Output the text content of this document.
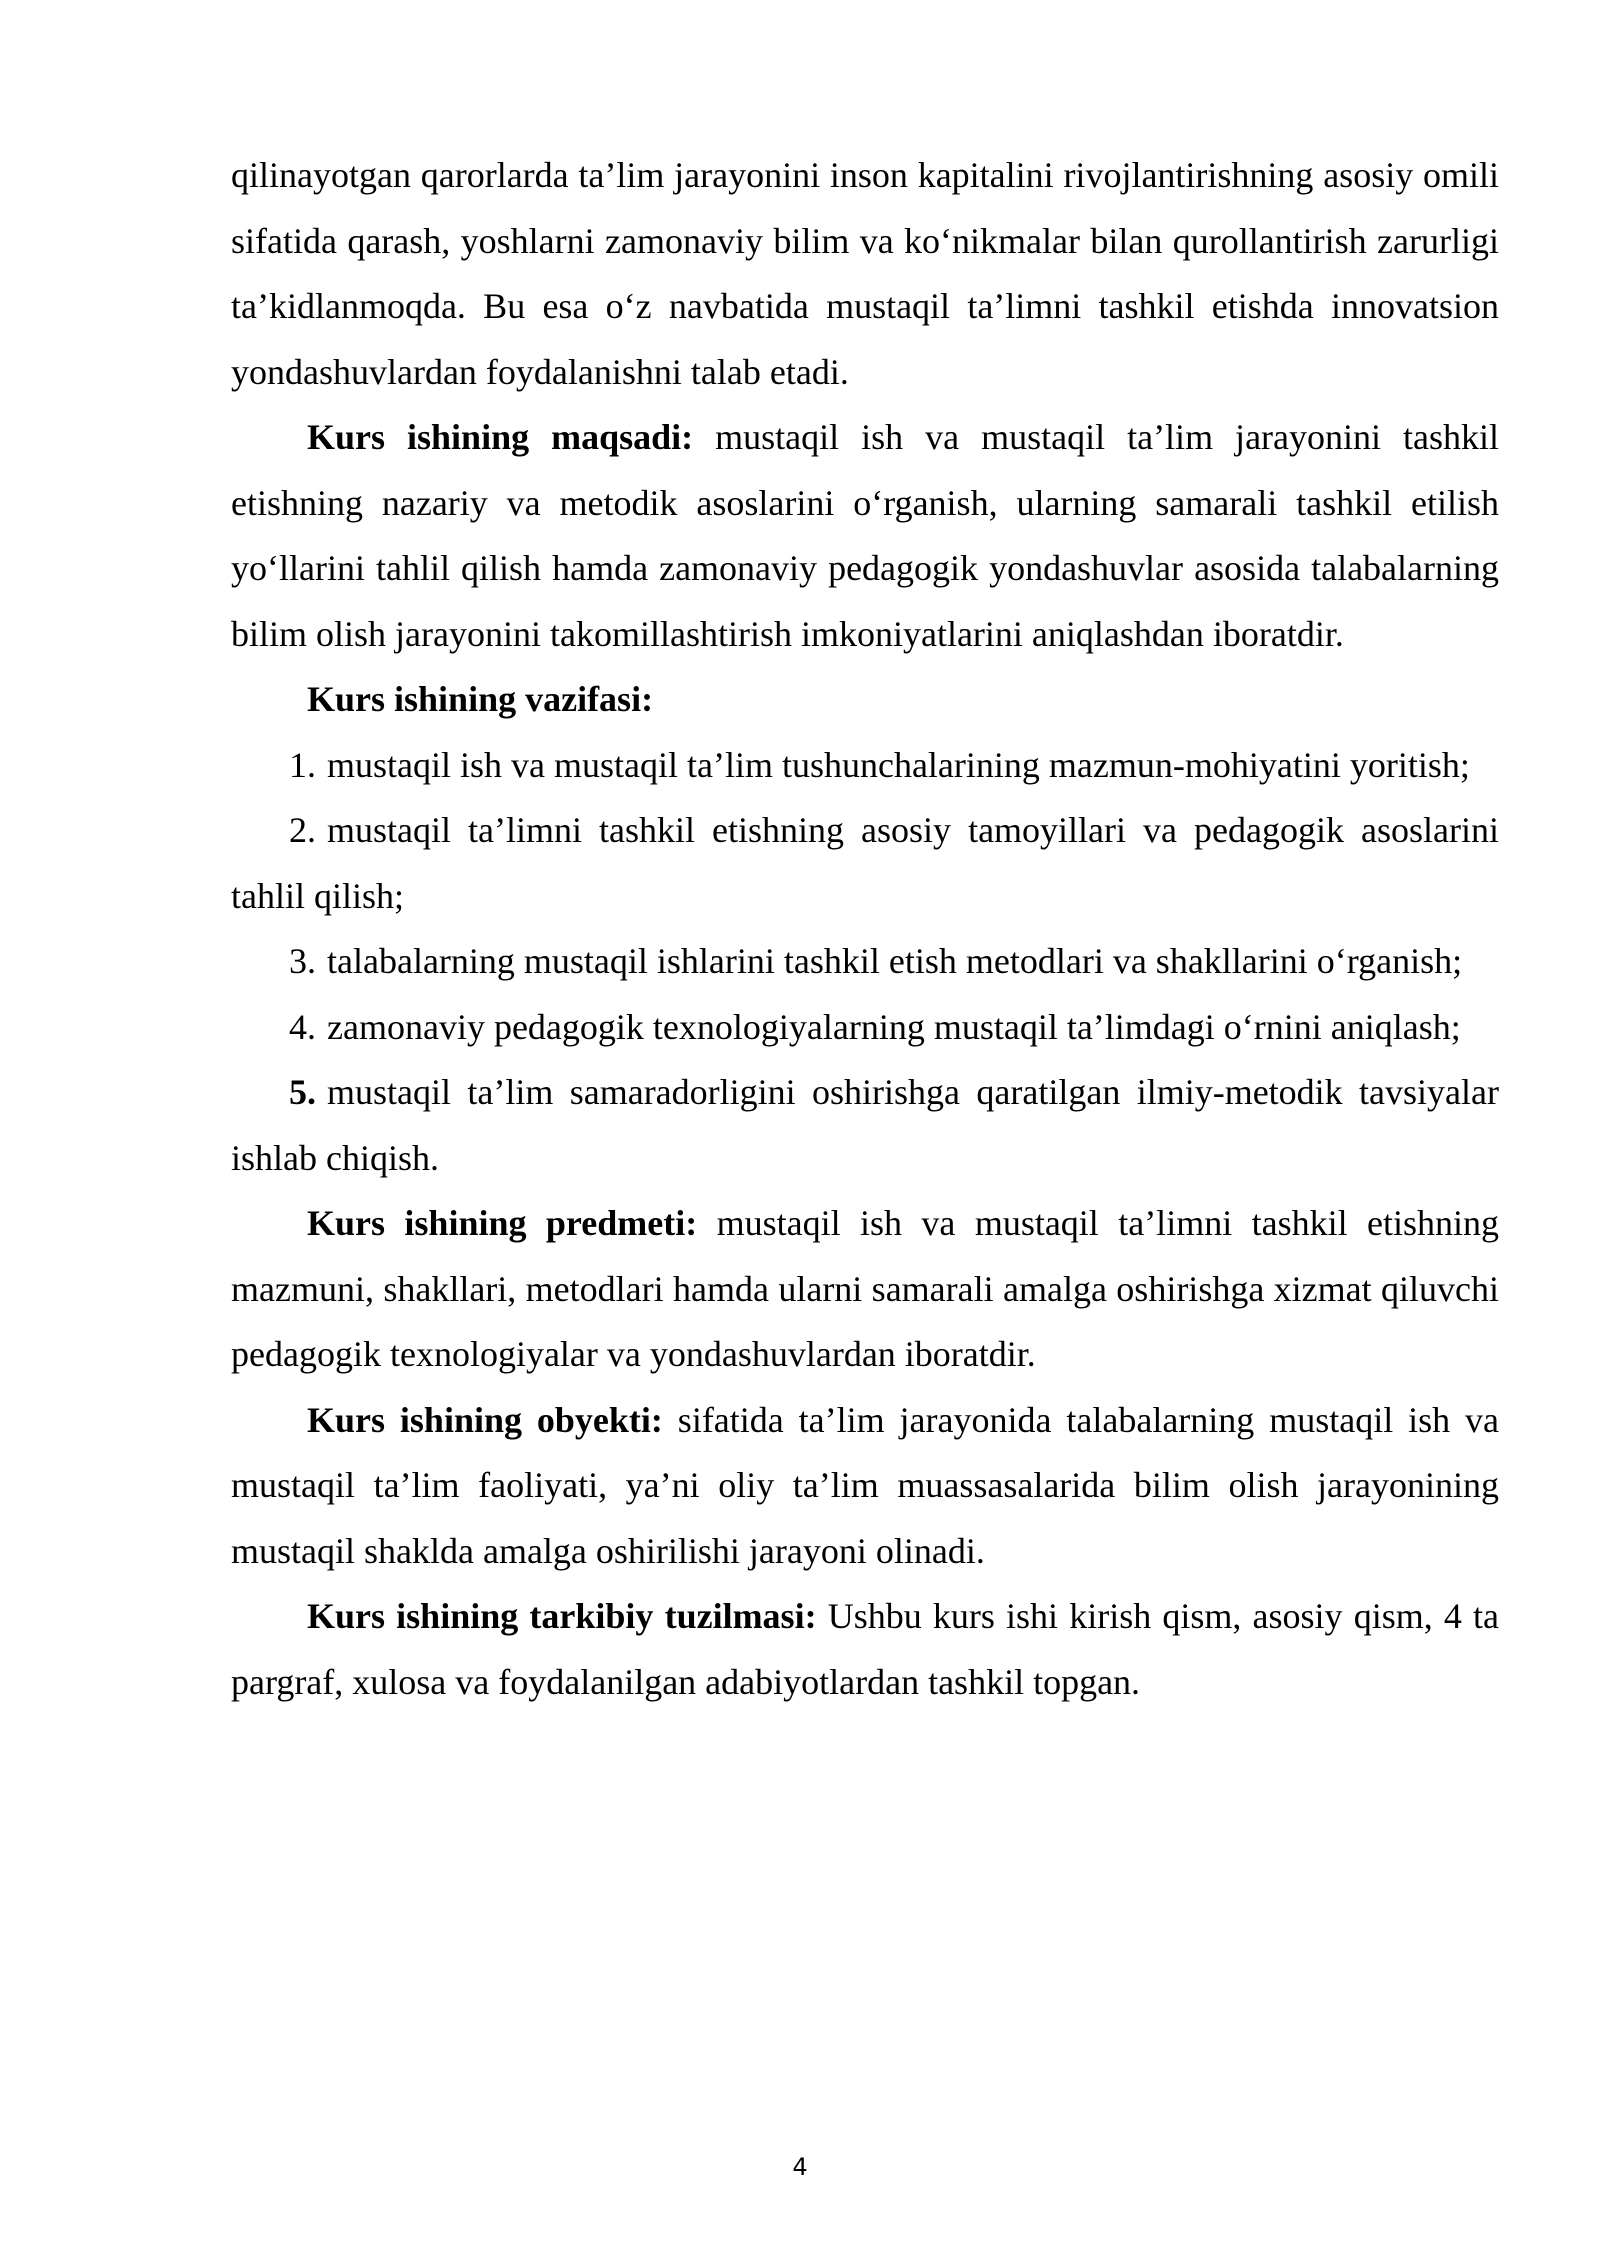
qilinayotgan qarorlarda ta’lim jarayonini inson kapitalini rivojlantirishning asosiy omili sifatida qarash, yoshlarni zamonaviy bilim va ko‘nikmalar bilan qurollantirish zarurligi ta’kidlanmoqda. Bu esa o‘z navbatida mustaqil ta’limni tashkil etishda innovatsion yondashuvlardan foydalanishni talab etadi.

Kurs ishining maqsadi: mustaqil ish va mustaqil ta’lim jarayonini tashkil etishning nazariy va metodik asoslarini o‘rganish, ularning samarali tashkil etilish yo‘llarini tahlil qilish hamda zamonaviy pedagogik yondashuvlar asosida talabalarning bilim olish jarayonini takomillashtirish imkoniyatlarini aniqlashdan iboratdir.

Kurs ishining vazifasi:

1. mustaqil ish va mustaqil ta’lim tushunchalarining mazmun-mohiyatini yoritish;

2. mustaqil ta’limni tashkil etishning asosiy tamoyillari va pedagogik asoslarini tahlil qilish;

3. talabalarning mustaqil ishlarini tashkil etish metodlari va shakllarini o‘rganish;

4. zamonaviy pedagogik texnologiyalarning mustaqil ta’limdagi o‘rnini aniqlash;

5. mustaqil ta’lim samaradorligini oshirishga qaratilgan ilmiy-metodik tavsiyalar ishlab chiqish.

Kurs ishining predmeti: mustaqil ish va mustaqil ta’limni tashkil etishning mazmuni, shakllari, metodlari hamda ularni samarali amalga oshirishga xizmat qiluvchi pedagogik texnologiyalar va yondashuvlardan iboratdir.

Kurs ishining obyekti: sifatida ta’lim jarayonida talabalarning mustaqil ish va mustaqil ta’lim faoliyati, ya’ni oliy ta’lim muassasalarida bilim olish jarayonining mustaqil shaklda amalga oshirilishi jarayoni olinadi.

Kurs ishining tarkibiy tuzilmasi: Ushbu kurs ishi kirish qism, asosiy qism, 4 ta pargraf, xulosa va foydalanilgan adabiyotlardan tashkil topgan.

4
